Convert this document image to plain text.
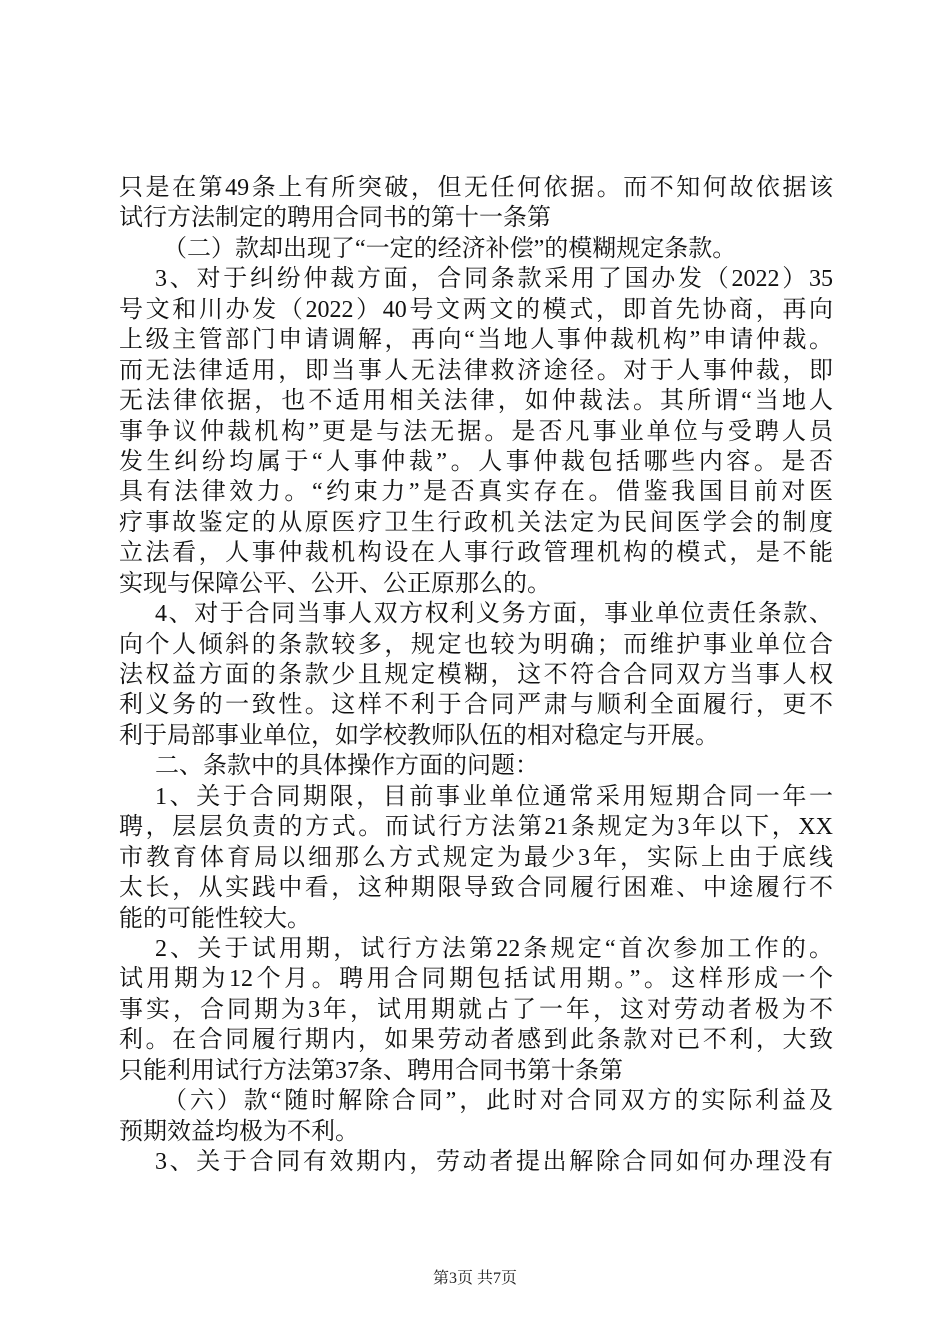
只是在第49条上有所突破，但无任何依据。而不知何故依据该
试行方法制定的聘用合同书的第十一条第
（二）款却出现了“一定的经济补偿”的模糊规定条款。
3、对于纠纷仲裁方面，合同条款采用了国办发（2022）35
号文和川办发（2022）40号文两文的模式，即首先协商，再向
上级主管部门申请调解，再向“当地人事仲裁机构”申请仲裁。
而无法律适用，即当事人无法律救济途径。对于人事仲裁，即
无法律依据，也不适用相关法律，如仲裁法。其所谓“当地人
事争议仲裁机构”更是与法无据。是否凡事业单位与受聘人员
发生纠纷均属于“人事仲裁”。人事仲裁包括哪些内容。是否
具有法律效力。“约束力”是否真实存在。借鉴我国目前对医
疗事故鉴定的从原医疗卫生行政机关法定为民间医学会的制度
立法看，人事仲裁机构设在人事行政管理机构的模式，是不能
实现与保障公平、公开、公正原那么的。
4、对于合同当事人双方权利义务方面，事业单位责任条款、
向个人倾斜的条款较多，规定也较为明确；而维护事业单位合
法权益方面的条款少且规定模糊，这不符合合同双方当事人权
利义务的一致性。这样不利于合同严肃与顺利全面履行，更不
利于局部事业单位，如学校教师队伍的相对稳定与开展。
二、条款中的具体操作方面的问题：
1、关于合同期限，目前事业单位通常采用短期合同一年一
聘，层层负责的方式。而试行方法第21条规定为3年以下，XX
市教育体育局以细那么方式规定为最少3年，实际上由于底线
太长，从实践中看，这种期限导致合同履行困难、中途履行不
能的可能性较大。
2、关于试用期，试行方法第22条规定“首次参加工作的。
试用期为12个月。聘用合同期包括试用期。”。这样形成一个
事实，合同期为3年，试用期就占了一年，这对劳动者极为不
利。在合同履行期内，如果劳动者感到此条款对已不利，大致
只能利用试行方法第37条、聘用合同书第十条第
（六）款“随时解除合同”，此时对合同双方的实际利益及
预期效益均极为不利。
3、关于合同有效期内，劳动者提出解除合同如何办理没有
第3页 共7页
